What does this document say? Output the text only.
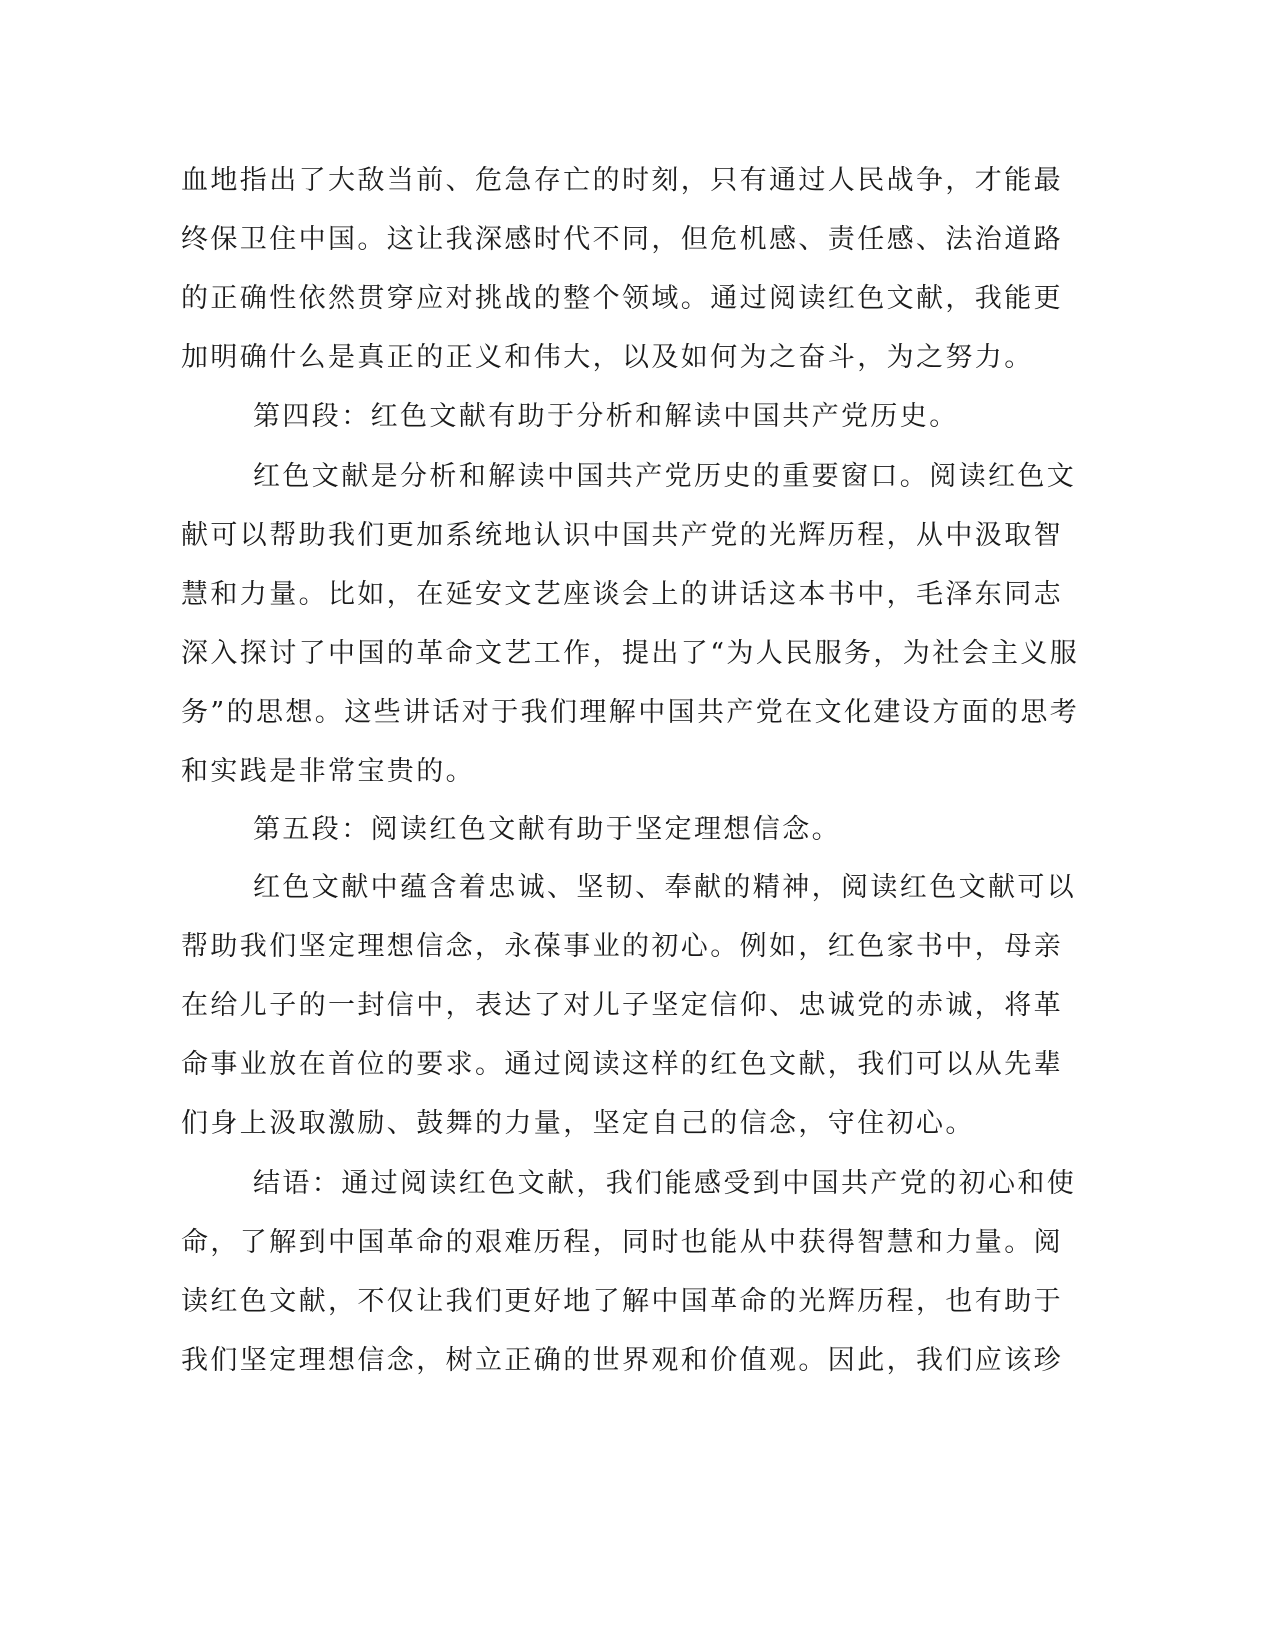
血地指出了大敌当前、危急存亡的时刻，只有通过人民战争，才能最
终保卫住中国。这让我深感时代不同，但危机感、责任感、法治道路
的正确性依然贯穿应对挑战的整个领域。通过阅读红色文献，我能更
加明确什么是真正的正义和伟大，以及如何为之奋斗，为之努力。
第四段：红色文献有助于分析和解读中国共产党历史。
红色文献是分析和解读中国共产党历史的重要窗口。阅读红色文
献可以帮助我们更加系统地认识中国共产党的光辉历程，从中汲取智
慧和力量。比如，在延安文艺座谈会上的讲话这本书中，毛泽东同志
深入探讨了中国的革命文艺工作，提出了“为人民服务，为社会主义服
务”的思想。这些讲话对于我们理解中国共产党在文化建设方面的思考
和实践是非常宝贵的。
第五段：阅读红色文献有助于坚定理想信念。
红色文献中蕴含着忠诚、坚韧、奉献的精神，阅读红色文献可以
帮助我们坚定理想信念，永葆事业的初心。例如，红色家书中，母亲
在给儿子的一封信中，表达了对儿子坚定信仰、忠诚党的赤诚，将革
命事业放在首位的要求。通过阅读这样的红色文献，我们可以从先辈
们身上汲取激励、鼓舞的力量，坚定自己的信念，守住初心。
结语：通过阅读红色文献，我们能感受到中国共产党的初心和使
命，了解到中国革命的艰难历程，同时也能从中获得智慧和力量。阅
读红色文献，不仅让我们更好地了解中国革命的光辉历程，也有助于
我们坚定理想信念，树立正确的世界观和价值观。因此，我们应该珍
